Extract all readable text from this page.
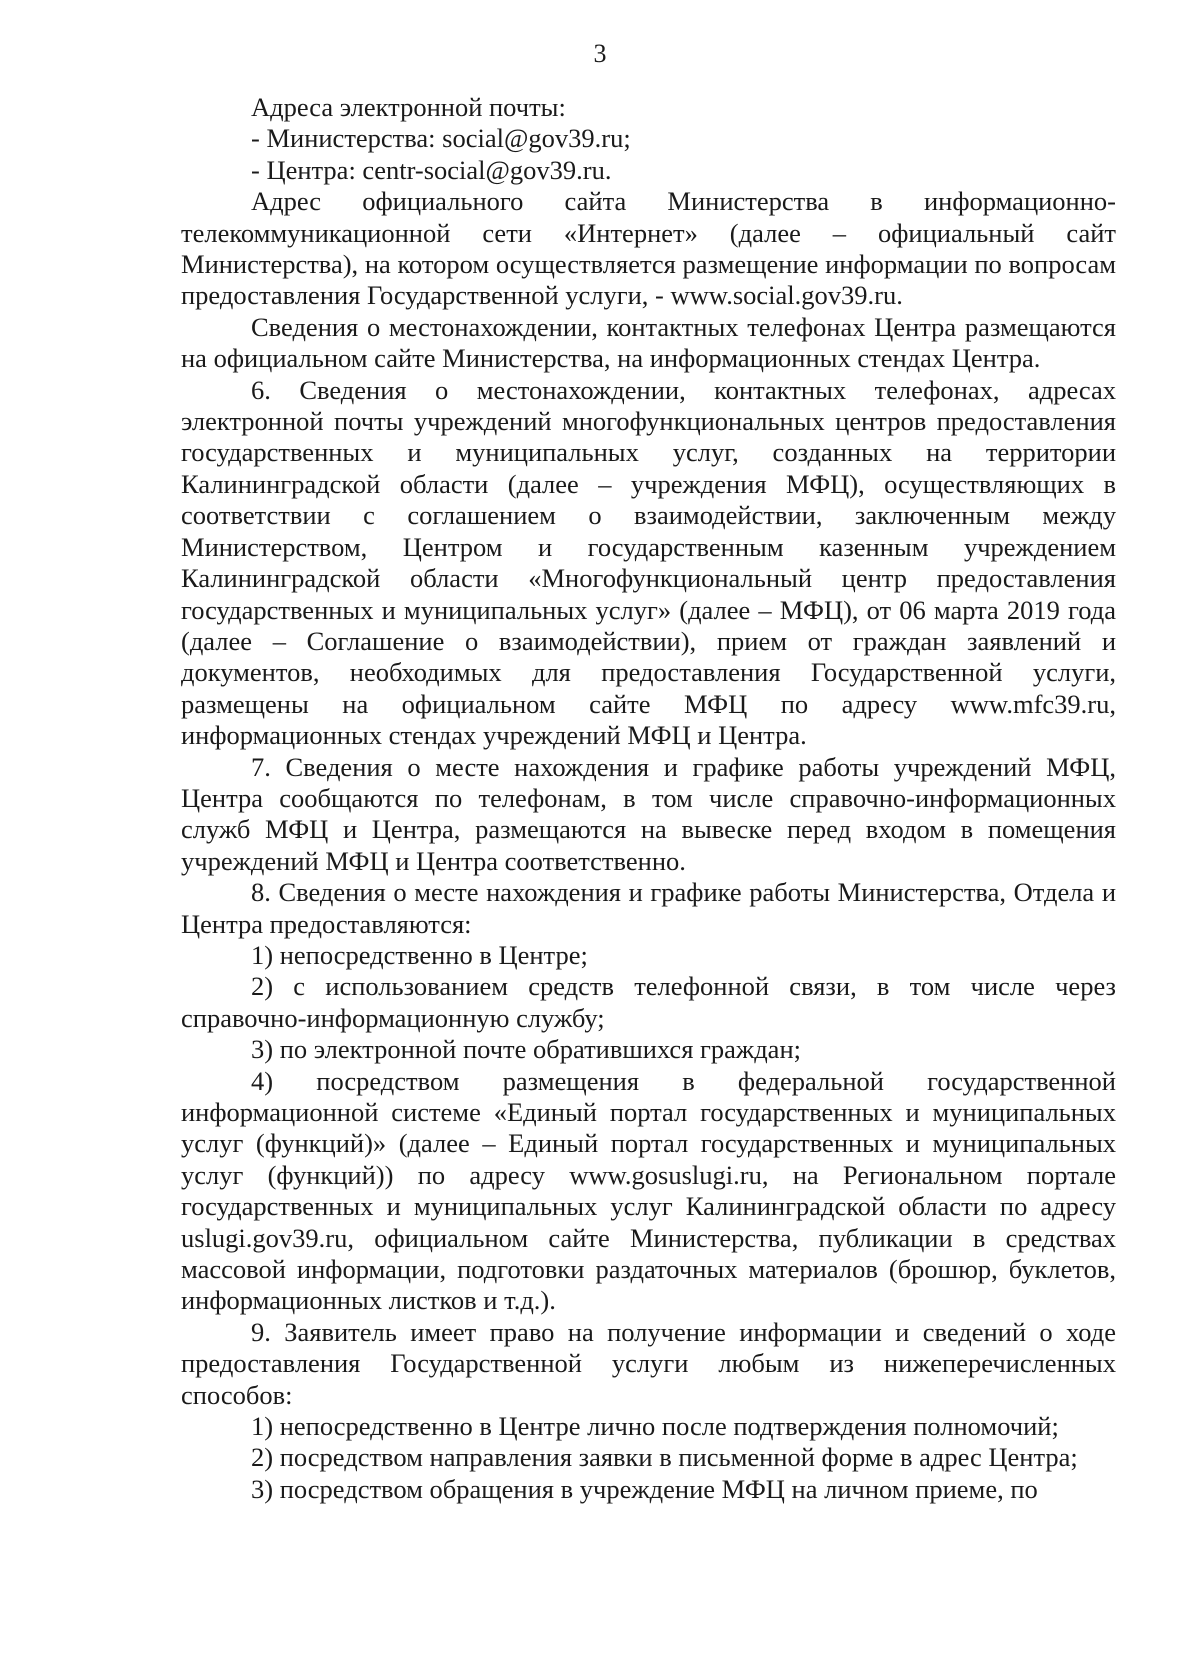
3

Адреса электронной почты:

- Министерства: social@gov39.ru;

- Центра: centr-social@gov39.ru.

Адрес официального сайта Министерства в информационно-телекоммуникационной сети «Интернет» (далее – официальный сайт Министерства), на котором осуществляется размещение информации по вопросам предоставления Государственной услуги, - www.social.gov39.ru.

Сведения о местонахождении, контактных телефонах Центра размещаются на официальном сайте Министерства, на информационных стендах Центра.

6. Сведения о местонахождении, контактных телефонах, адресах электронной почты учреждений многофункциональных центров предоставления государственных и муниципальных услуг, созданных на территории Калининградской области (далее – учреждения МФЦ), осуществляющих в соответствии с соглашением о взаимодействии, заключенным между Министерством, Центром и государственным казенным учреждением Калининградской области «Многофункциональный центр предоставления государственных и муниципальных услуг» (далее – МФЦ), от 06 марта 2019 года (далее – Соглашение о взаимодействии), прием от граждан заявлений и документов, необходимых для предоставления Государственной услуги, размещены на официальном сайте МФЦ по адресу www.mfc39.ru, информационных стендах учреждений МФЦ и Центра.

7. Сведения о месте нахождения и графике работы учреждений МФЦ, Центра сообщаются по телефонам, в том числе справочно-информационных служб МФЦ и Центра, размещаются на вывеске перед входом в помещения учреждений МФЦ и Центра соответственно.

8. Сведения о месте нахождения и графике работы Министерства, Отдела и Центра предоставляются:

1) непосредственно в Центре;

2) с использованием средств телефонной связи, в том числе через справочно-информационную службу;

3) по электронной почте обратившихся граждан;

4) посредством размещения в федеральной государственной информационной системе «Единый портал государственных и муниципальных услуг (функций)» (далее – Единый портал государственных и муниципальных услуг (функций)) по адресу www.gosuslugi.ru, на Региональном портале государственных и муниципальных услуг Калининградской области по адресу uslugi.gov39.ru, официальном сайте Министерства, публикации в средствах массовой информации, подготовки раздаточных материалов (брошюр, буклетов, информационных листков и т.д.).

9. Заявитель имеет право на получение информации и сведений о ходе предоставления Государственной услуги любым из нижеперечисленных способов:

1) непосредственно в Центре лично после подтверждения полномочий;

2) посредством направления заявки в письменной форме в адрес Центра;

3) посредством обращения в учреждение МФЦ на личном приеме, по
